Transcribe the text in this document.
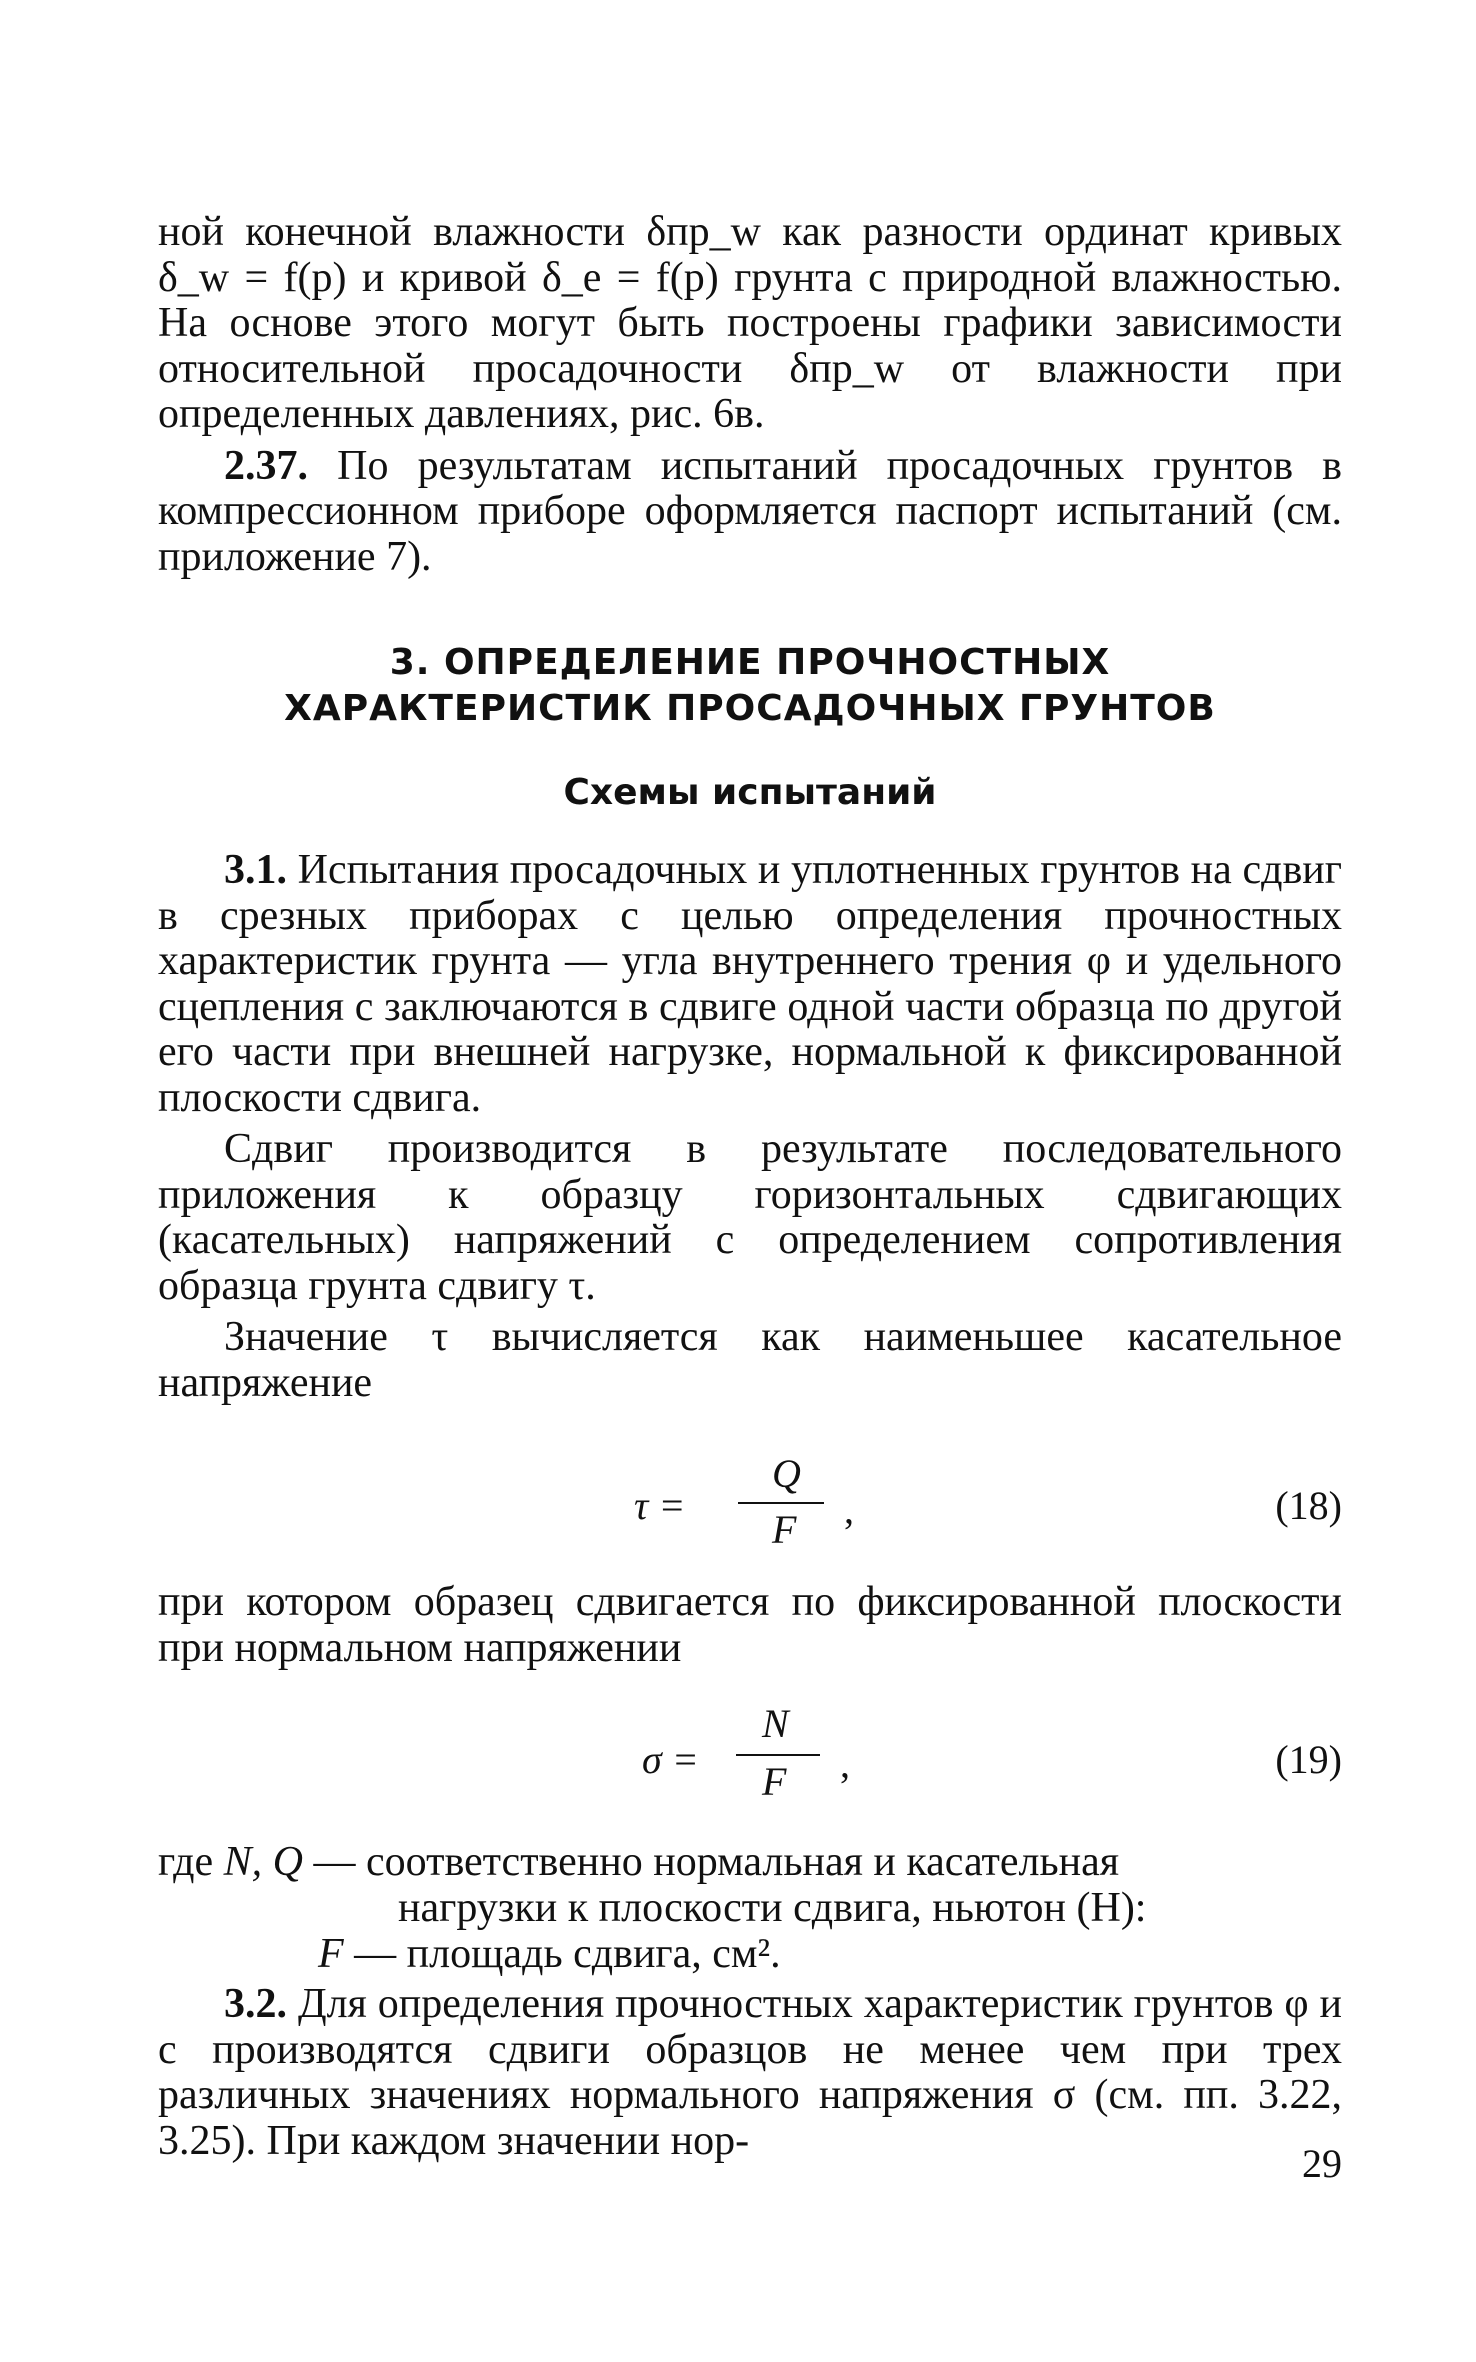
ной конечной влажности δпр_w как разности ординат кривых δ_w = f(p) и кривой δ_e = f(p) грунта с природной влажностью. На основе этого могут быть построены графики зависимости относительной просадочности δпр_w от влажности при определенных давлениях, рис. 6в.

2.37. По результатам испытаний просадочных грунтов в компрессионном приборе оформляется паспорт испытаний (см. приложение 7).

3. ОПРЕДЕЛЕНИЕ ПРОЧНОСТНЫХ
ХАРАКТЕРИСТИК ПРОСАДОЧНЫХ ГРУНТОВ
Схемы испытаний

3.1. Испытания просадочных и уплотненных грунтов на сдвиг в срезных приборах с целью определения прочностных характеристик грунта — угла внутреннего трения φ и удельного сцепления c заключаются в сдвиге одной части образца по другой его части при внешней нагрузке, нормальной к фиксированной плоскости сдвига.

Сдвиг производится в результате последовательного приложения к образцу горизонтальных сдвигающих (касательных) напряжений с определением сопротивления образца грунта сдвигу τ.

Значение τ вычисляется как наименьшее касательное напряжение

τ =
Q
F ,	(18)

при котором образец сдвигается по фиксированной плоскости при нормальном напряжении

σ =
N
F ,	(19)
где N, Q — соответственно нормальная и касательная
нагрузки к плоскости сдвига, ньютон (Н):
F — площадь сдвига, см².

3.2. Для определения прочностных характеристик грунтов φ и c производятся сдвиги образцов не менее чем при трех различных значениях нормального напряжения σ (см. пп. 3.22, 3.25). При каждом значении нор-	29
